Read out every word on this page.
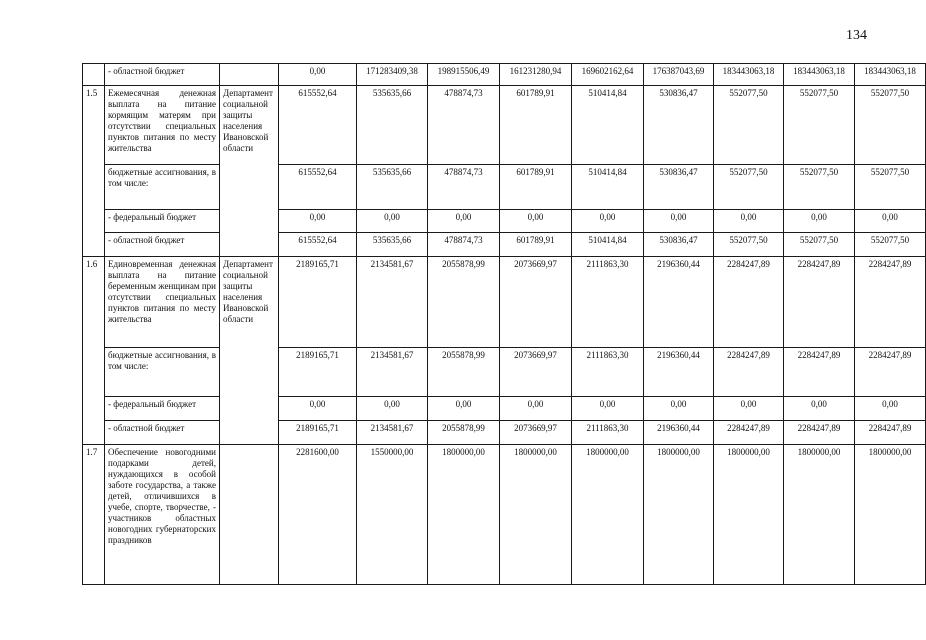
134
	- областной бюджет		0,00	171283409,38	198915506,49	161231280,94	169602162,64	176387043,69	183443063,18	183443063,18	183443063,18
1.5	Ежемесячная денежная выплата на питание кормящим матерям при отсутствии специальных пунктов питания по месту жительства	Департамент социальной защиты населения Ивановской области	615552,64	535635,66	478874,73	601789,91	510414,84	530836,47	552077,50	552077,50	552077,50
	бюджетные ассигнования, в том числе:		615552,64	535635,66	478874,73	601789,91	510414,84	530836,47	552077,50	552077,50	552077,50
	- федеральный бюджет		0,00	0,00	0,00	0,00	0,00	0,00	0,00	0,00	0,00
	- областной бюджет		615552,64	535635,66	478874,73	601789,91	510414,84	530836,47	552077,50	552077,50	552077,50
1.6	Единовременная денежная выплата на питание беременным женщинам при отсутствии специальных пунктов питания по месту жительства	Департамент социальной защиты населения Ивановской области	2189165,71	2134581,67	2055878,99	2073669,97	2111863,30	2196360,44	2284247,89	2284247,89	2284247,89
	бюджетные ассигнования, в том числе:		2189165,71	2134581,67	2055878,99	2073669,97	2111863,30	2196360,44	2284247,89	2284247,89	2284247,89
	- федеральный бюджет		0,00	0,00	0,00	0,00	0,00	0,00	0,00	0,00	0,00
	- областной бюджет		2189165,71	2134581,67	2055878,99	2073669,97	2111863,30	2196360,44	2284247,89	2284247,89	2284247,89
1.7	Обеспечение новогодними подарками детей, нуждающихся в особой заботе государства, а также детей, отличившихся в учебе, спорте, творчестве, - участников областных новогодних губернаторских праздников		2281600,00	1550000,00	1800000,00	1800000,00	1800000,00	1800000,00	1800000,00	1800000,00	1800000,00
